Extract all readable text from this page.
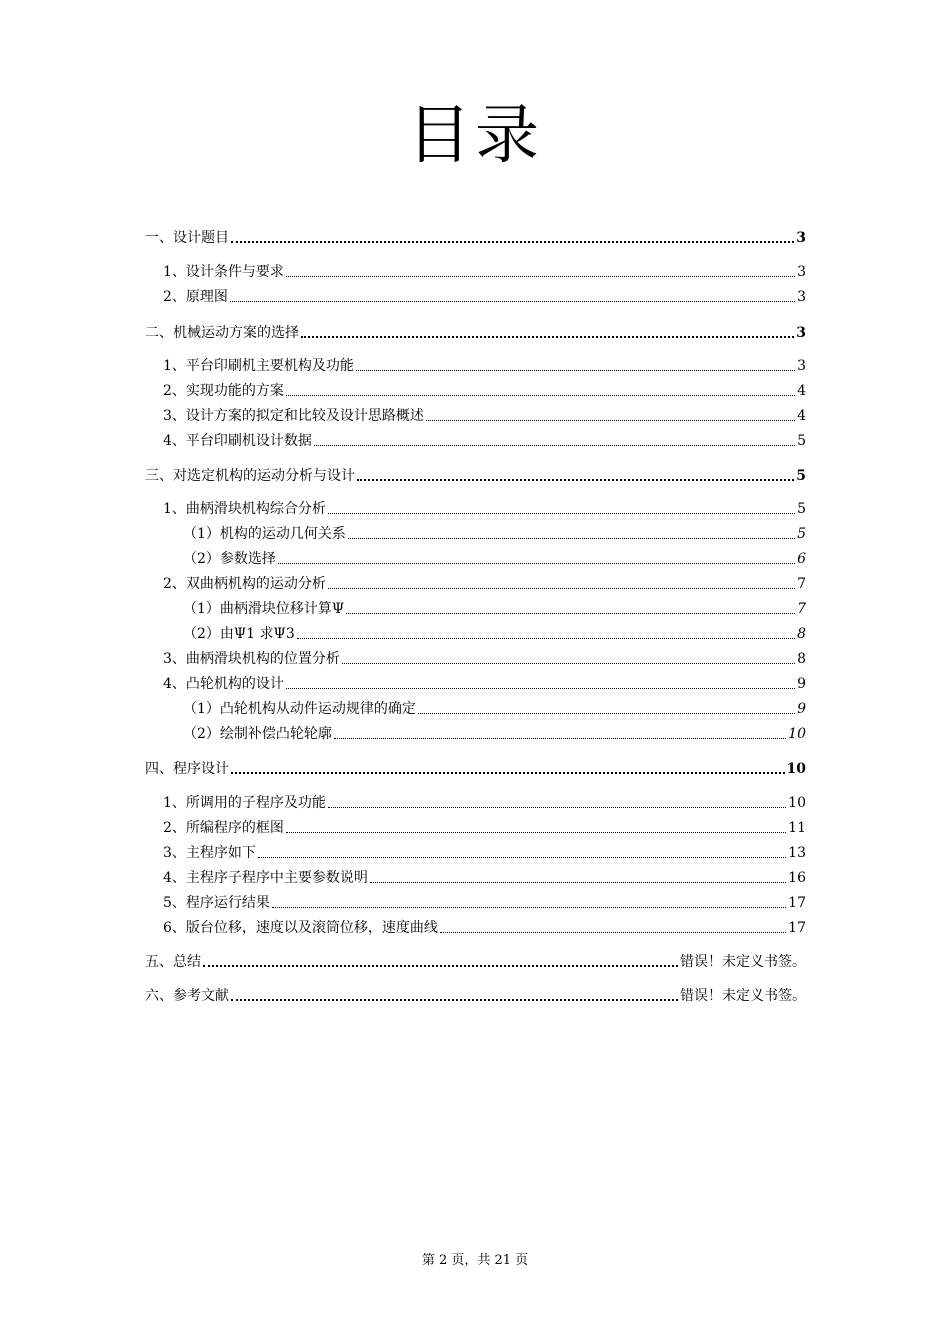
目录
一、设计题目	3
1、设计条件与要求	3
2、原理图	3
二、机械运动方案的选择	3
1、平台印刷机主要机构及功能	3
2、实现功能的方案	4
3、设计方案的拟定和比较及设计思路概述	4
4、平台印刷机设计数据	5
三、对选定机构的运动分析与设计	5
1、曲柄滑块机构综合分析	5
（1）机构的运动几何关系	5
（2）参数选择	6
2、双曲柄机构的运动分析	7
（1）曲柄滑块位移计算Ψ	7
（2）由Ψ1 求Ψ3	8
3、曲柄滑块机构的位置分析	8
4、凸轮机构的设计	9
（1）凸轮机构从动件运动规律的确定	9
（2）绘制补偿凸轮轮廓	10
四、程序设计	10
1、所调用的子程序及功能	10
2、所编程序的框图	11
3、主程序如下	13
4、主程序子程序中主要参数说明	16
5、程序运行结果	17
6、版台位移，速度以及滚筒位移，速度曲线	17
五、总结	错误！未定义书签。
六、参考文献	错误！未定义书签。
第 2 页，共 21 页
